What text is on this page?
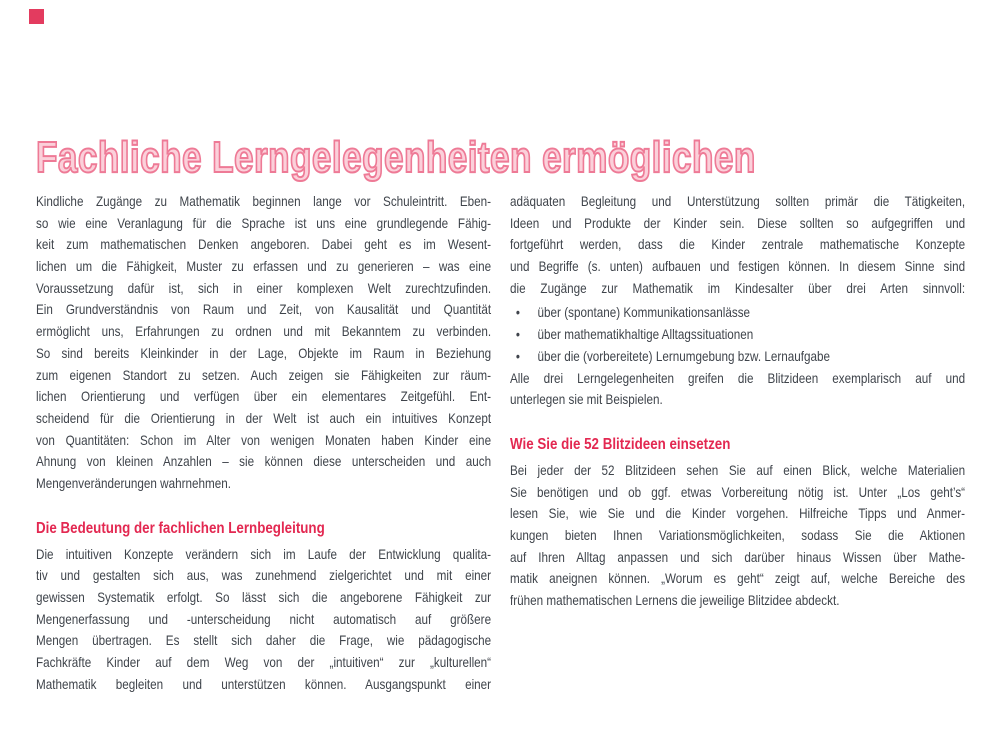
Fachliche Lerngelegenheiten ermöglichen
Kindliche Zugänge zu Mathematik beginnen lange vor Schuleintritt. Eben-
so wie eine Veranlagung für die Sprache ist uns eine grundlegende Fähig-
keit zum mathematischen Denken angeboren. Dabei geht es im Wesent-
lichen um die Fähigkeit, Muster zu erfassen und zu generieren – was eine
Voraussetzung dafür ist, sich in einer komplexen Welt zurechtzufinden.
Ein Grundverständnis von Raum und Zeit, von Kausalität und Quantität
ermöglicht uns, Erfahrungen zu ordnen und mit Bekanntem zu verbinden.
So sind bereits Kleinkinder in der Lage, Objekte im Raum in Beziehung
zum eigenen Standort zu setzen. Auch zeigen sie Fähigkeiten zur räum-
lichen Orientierung und verfügen über ein elementares Zeitgefühl. Ent-
scheidend für die Orientierung in der Welt ist auch ein intuitives Konzept
von Quantitäten: Schon im Alter von wenigen Monaten haben Kinder eine
Ahnung von kleinen Anzahlen – sie können diese unterscheiden und auch
Mengenveränderungen wahrnehmen.
Die Bedeutung der fachlichen Lernbegleitung
Die intuitiven Konzepte verändern sich im Laufe der Entwicklung qualita-
tiv und gestalten sich aus, was zunehmend zielgerichtet und mit einer
gewissen Systematik erfolgt. So lässt sich die angeborene Fähigkeit zur
Mengenerfassung und -unterscheidung nicht automatisch auf größere
Mengen übertragen. Es stellt sich daher die Frage, wie pädagogische
Fachkräfte Kinder auf dem Weg von der „intuitiven“ zur „kulturellen“
Mathematik begleiten und unterstützen können. Ausgangspunkt einer
adäquaten Begleitung und Unterstützung sollten primär die Tätigkeiten,
Ideen und Produkte der Kinder sein. Diese sollten so aufgegriffen und
fortgeführt werden, dass die Kinder zentrale mathematische Konzepte
und Begriffe (s. unten) aufbauen und festigen können. In diesem Sinne sind
die Zugänge zur Mathematik im Kindesalter über drei Arten sinnvoll:
• über (spontane) Kommunikationsanlässe
• über mathematikhaltige Alltagssituationen
• über die (vorbereitete) Lernumgebung bzw. Lernaufgabe
Alle drei Lerngelegenheiten greifen die Blitzideen exemplarisch auf und
unterlegen sie mit Beispielen.
Wie Sie die 52 Blitzideen einsetzen
Bei jeder der 52 Blitzideen sehen Sie auf einen Blick, welche Materialien
Sie benötigen und ob ggf. etwas Vorbereitung nötig ist. Unter „Los geht’s“
lesen Sie, wie Sie und die Kinder vorgehen. Hilfreiche Tipps und Anmer-
kungen bieten Ihnen Variationsmöglichkeiten, sodass Sie die Aktionen
auf Ihren Alltag anpassen und sich darüber hinaus Wissen über Mathe-
matik aneignen können. „Worum es geht“ zeigt auf, welche Bereiche des
frühen mathematischen Lernens die jeweilige Blitzidee abdeckt.
